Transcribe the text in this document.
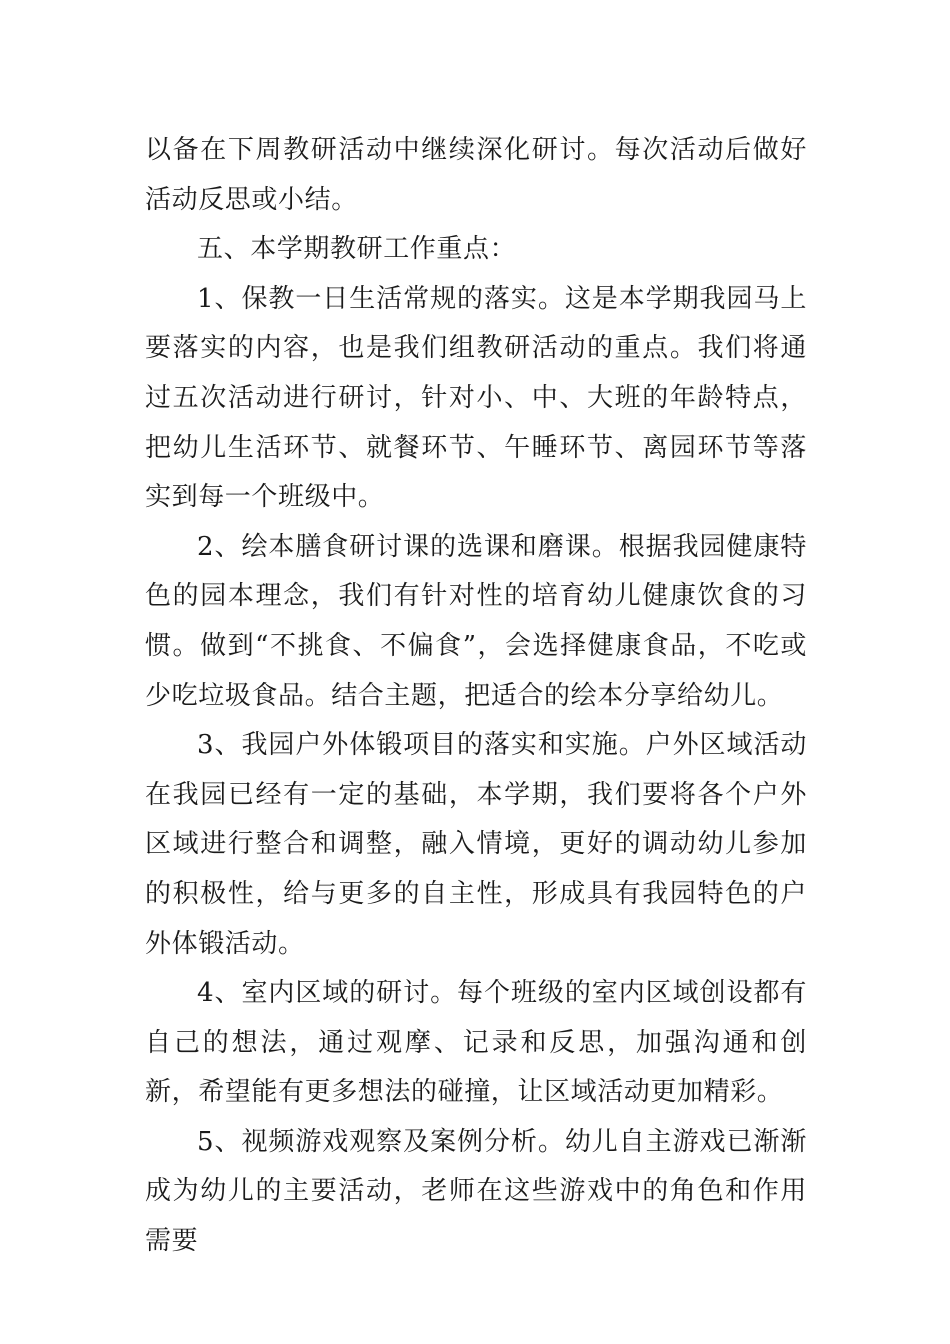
以备在下周教研活动中继续深化研讨。每次活动后做好活动反思或小结。

五、本学期教研工作重点：

1、保教一日生活常规的落实。这是本学期我园马上要落实的内容，也是我们组教研活动的重点。我们将通过五次活动进行研讨，针对小、中、大班的年龄特点，把幼儿生活环节、就餐环节、午睡环节、离园环节等落实到每一个班级中。

2、绘本膳食研讨课的选课和磨课。根据我园健康特色的园本理念，我们有针对性的培育幼儿健康饮食的习惯。做到“不挑食、不偏食”，会选择健康食品，不吃或少吃垃圾食品。结合主题，把适合的绘本分享给幼儿。

3、我园户外体锻项目的落实和实施。户外区域活动在我园已经有一定的基础，本学期，我们要将各个户外区域进行整合和调整，融入情境，更好的调动幼儿参加的积极性，给与更多的自主性，形成具有我园特色的户外体锻活动。

4、室内区域的研讨。每个班级的室内区域创设都有自己的想法，通过观摩、记录和反思，加强沟通和创新，希望能有更多想法的碰撞，让区域活动更加精彩。

5、视频游戏观察及案例分析。幼儿自主游戏已渐渐成为幼儿的主要活动，老师在这些游戏中的角色和作用需要
